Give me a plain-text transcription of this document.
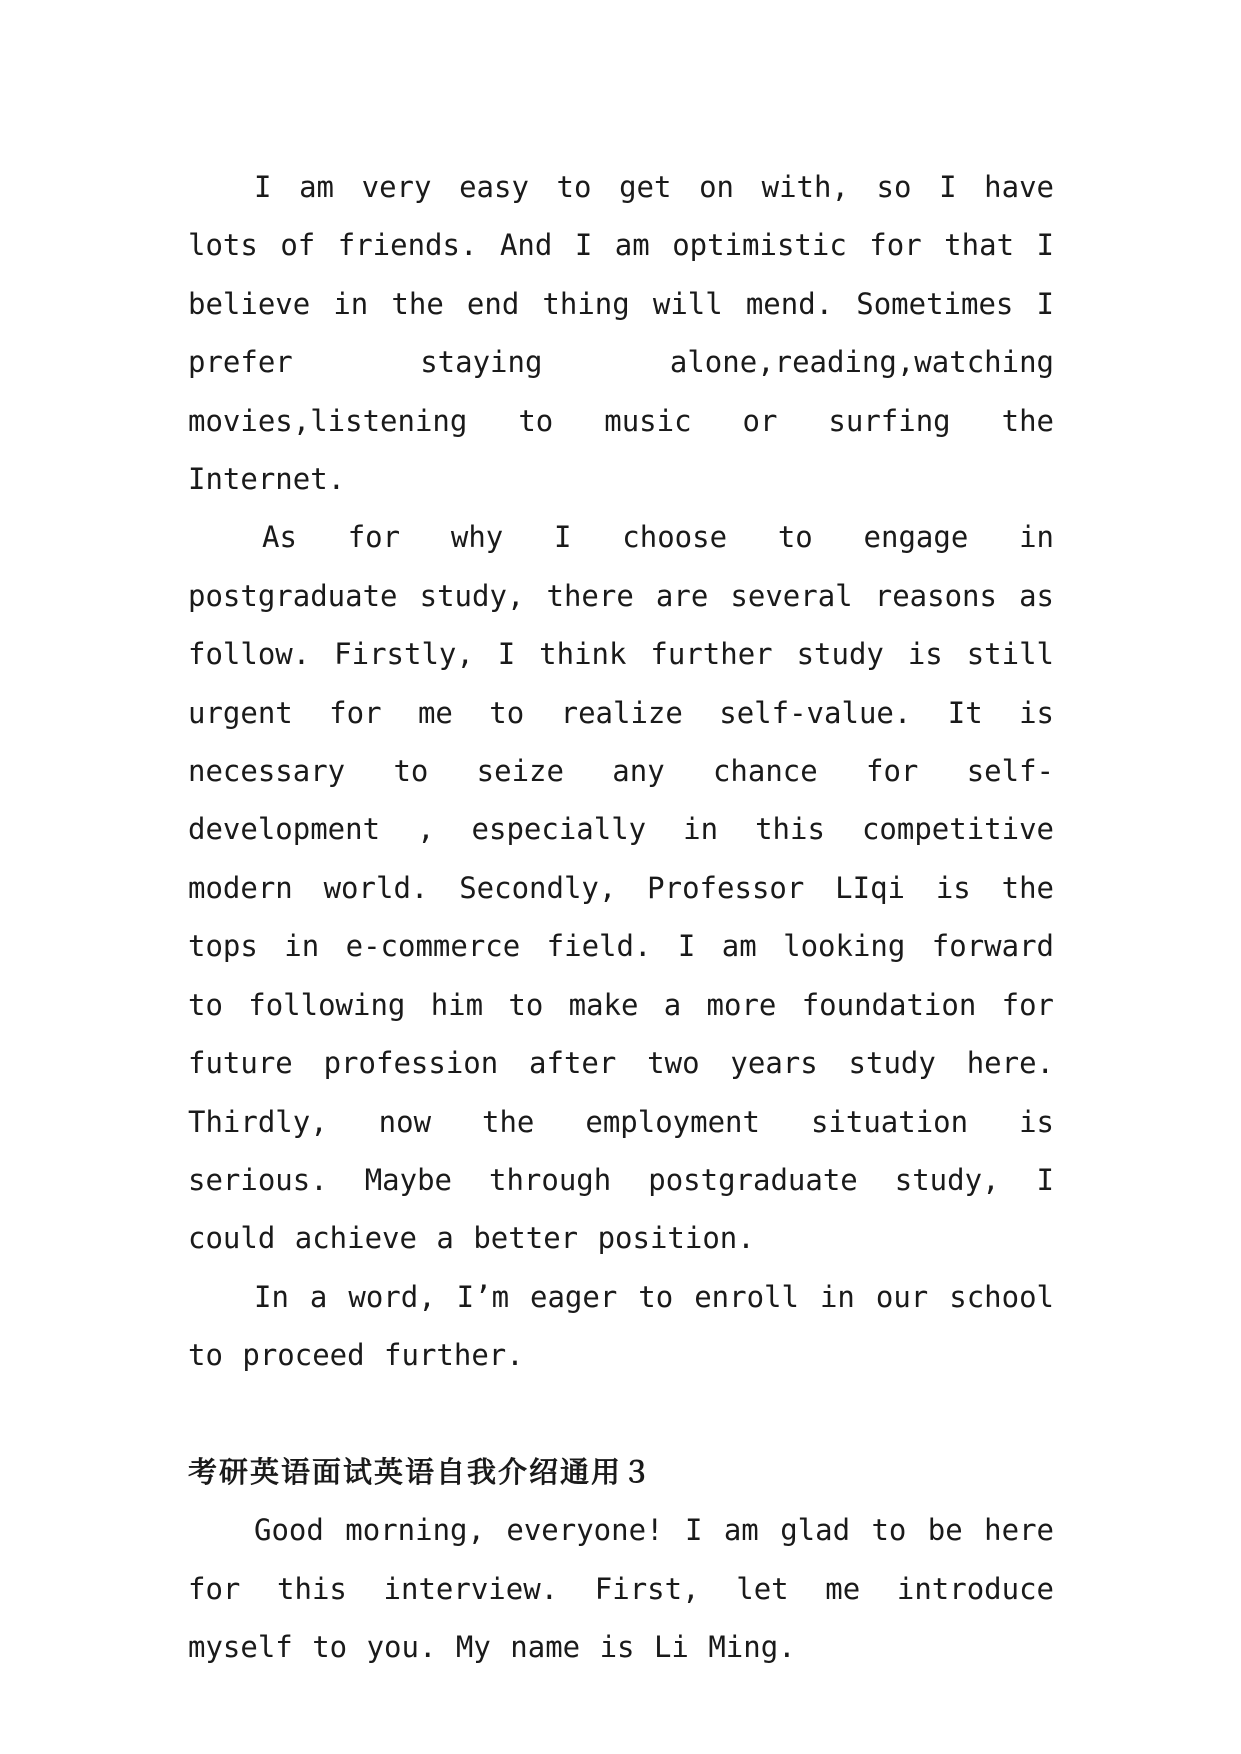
I am very easy to get on with, so I have lots of friends. And I am optimistic for that I believe in the end thing will mend. Sometimes I prefer staying alone,reading,watching movies,listening to music or surfing the Internet.

As for why I choose to engage in postgraduate study, there are several reasons as follow. Firstly, I think further study is still urgent for me to realize self-value. It is necessary to seize any chance for self-development , especially in this competitive modern world. Secondly, Professor LIqi is the tops in e-commerce field. I am looking forward to following him to make a more foundation for future profession after two years study here. Thirdly, now the employment situation is serious. Maybe through postgraduate study, I could achieve a better position.

In a word, I’m eager to enroll in our school to proceed further.

考研英语面试英语自我介绍通用３

Good morning, everyone! I am glad to be here for this interview. First, let me introduce myself to you. My name is Li Ming.
